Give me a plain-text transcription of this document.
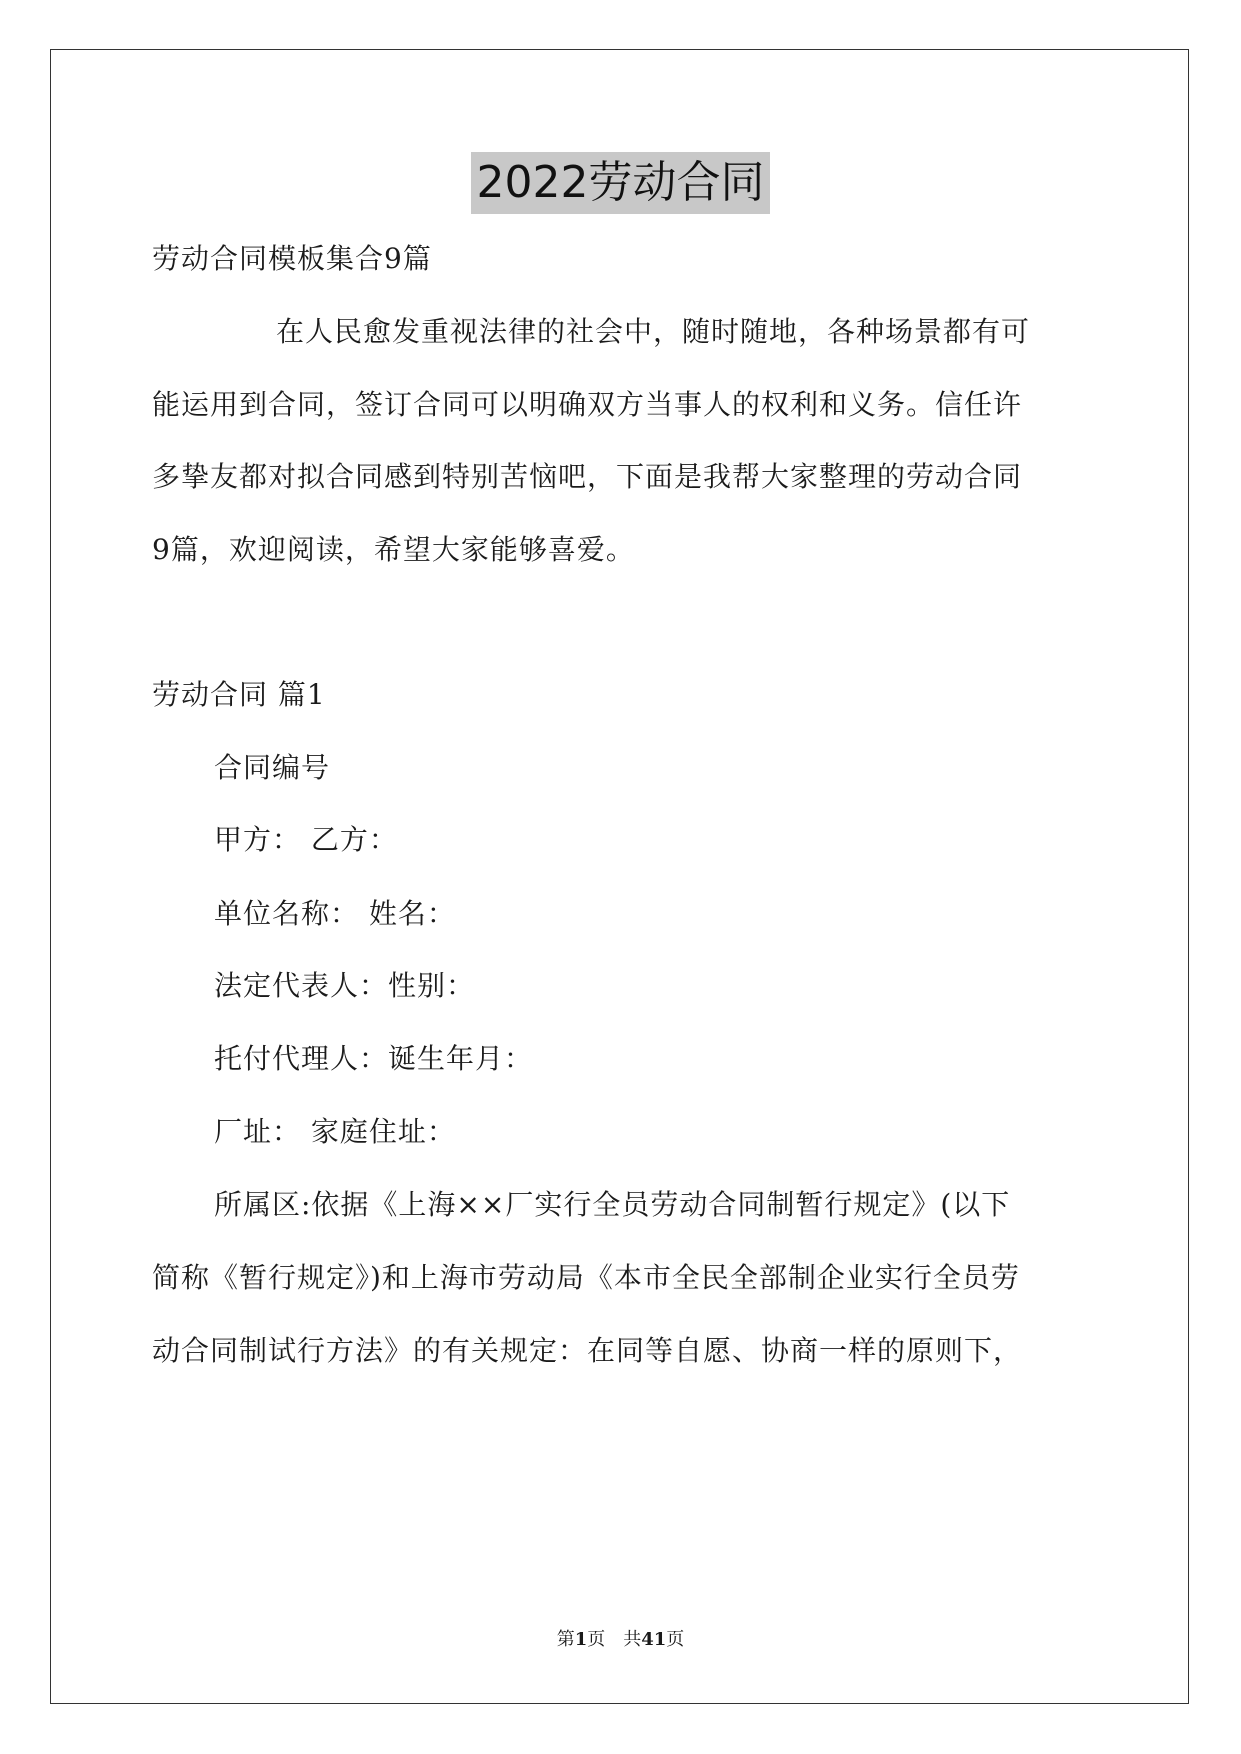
2022劳动合同
劳动合同模板集合9篇
在人民愈发重视法律的社会中，随时随地，各种场景都有可
能运用到合同，签订合同可以明确双方当事人的权利和义务。信任许
多挚友都对拟合同感到特别苦恼吧，下面是我帮大家整理的劳动合同
9篇，欢迎阅读，希望大家能够喜爱。
劳动合同 篇1
合同编号
甲方： 乙方：
单位名称： 姓名：
法定代表人：性别：
托付代理人：诞生年月：
厂址： 家庭住址：
所属区:依据《上海××厂实行全员劳动合同制暂行规定》(以下
简称《暂行规定》)和上海市劳动局《本市全民全部制企业实行全员劳
动合同制试行方法》的有关规定：在同等自愿、协商一样的原则下，
第1页　共41页
